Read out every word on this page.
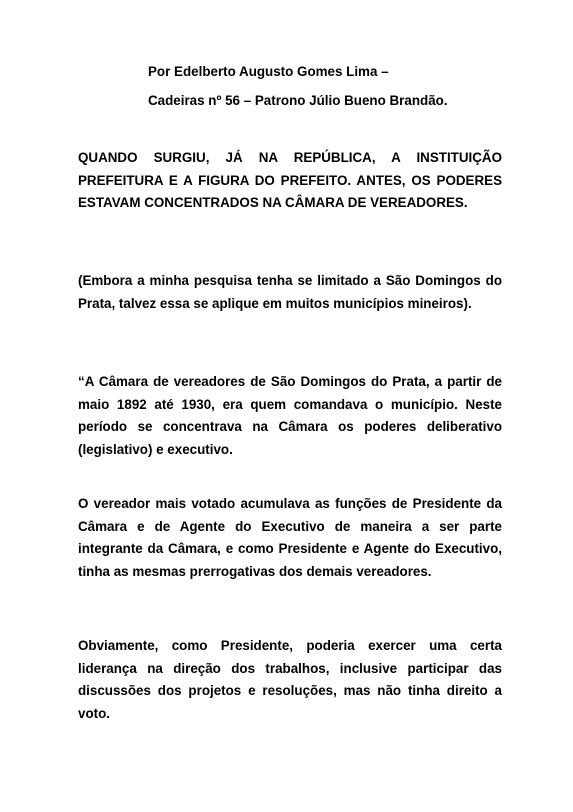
Por Edelberto Augusto Gomes Lima –

Cadeiras nº 56 – Patrono Júlio Bueno Brandão.

QUANDO SURGIU, JÁ NA REPÚBLICA, A INSTITUIÇÃO PREFEITURA E A FIGURA DO PREFEITO. ANTES, OS PODERES ESTAVAM CONCENTRADOS NA CÂMARA DE VEREADORES.

(Embora a minha pesquisa tenha se limitado a São Domingos do Prata, talvez essa se aplique em muitos municípios mineiros).

“A Câmara de vereadores de São Domingos do Prata, a partir de maio 1892 até 1930, era quem comandava o município. Neste período se concentrava na Câmara os poderes deliberativo (legislativo) e executivo.

O vereador mais votado acumulava as funções de Presidente da Câmara e de Agente do Executivo de maneira a ser parte integrante da Câmara, e como Presidente e Agente do Executivo, tinha as mesmas prerrogativas dos demais vereadores.

Obviamente, como Presidente, poderia exercer uma certa liderança na direção dos trabalhos, inclusive participar das discussões dos projetos e resoluções, mas não tinha direito a voto.
